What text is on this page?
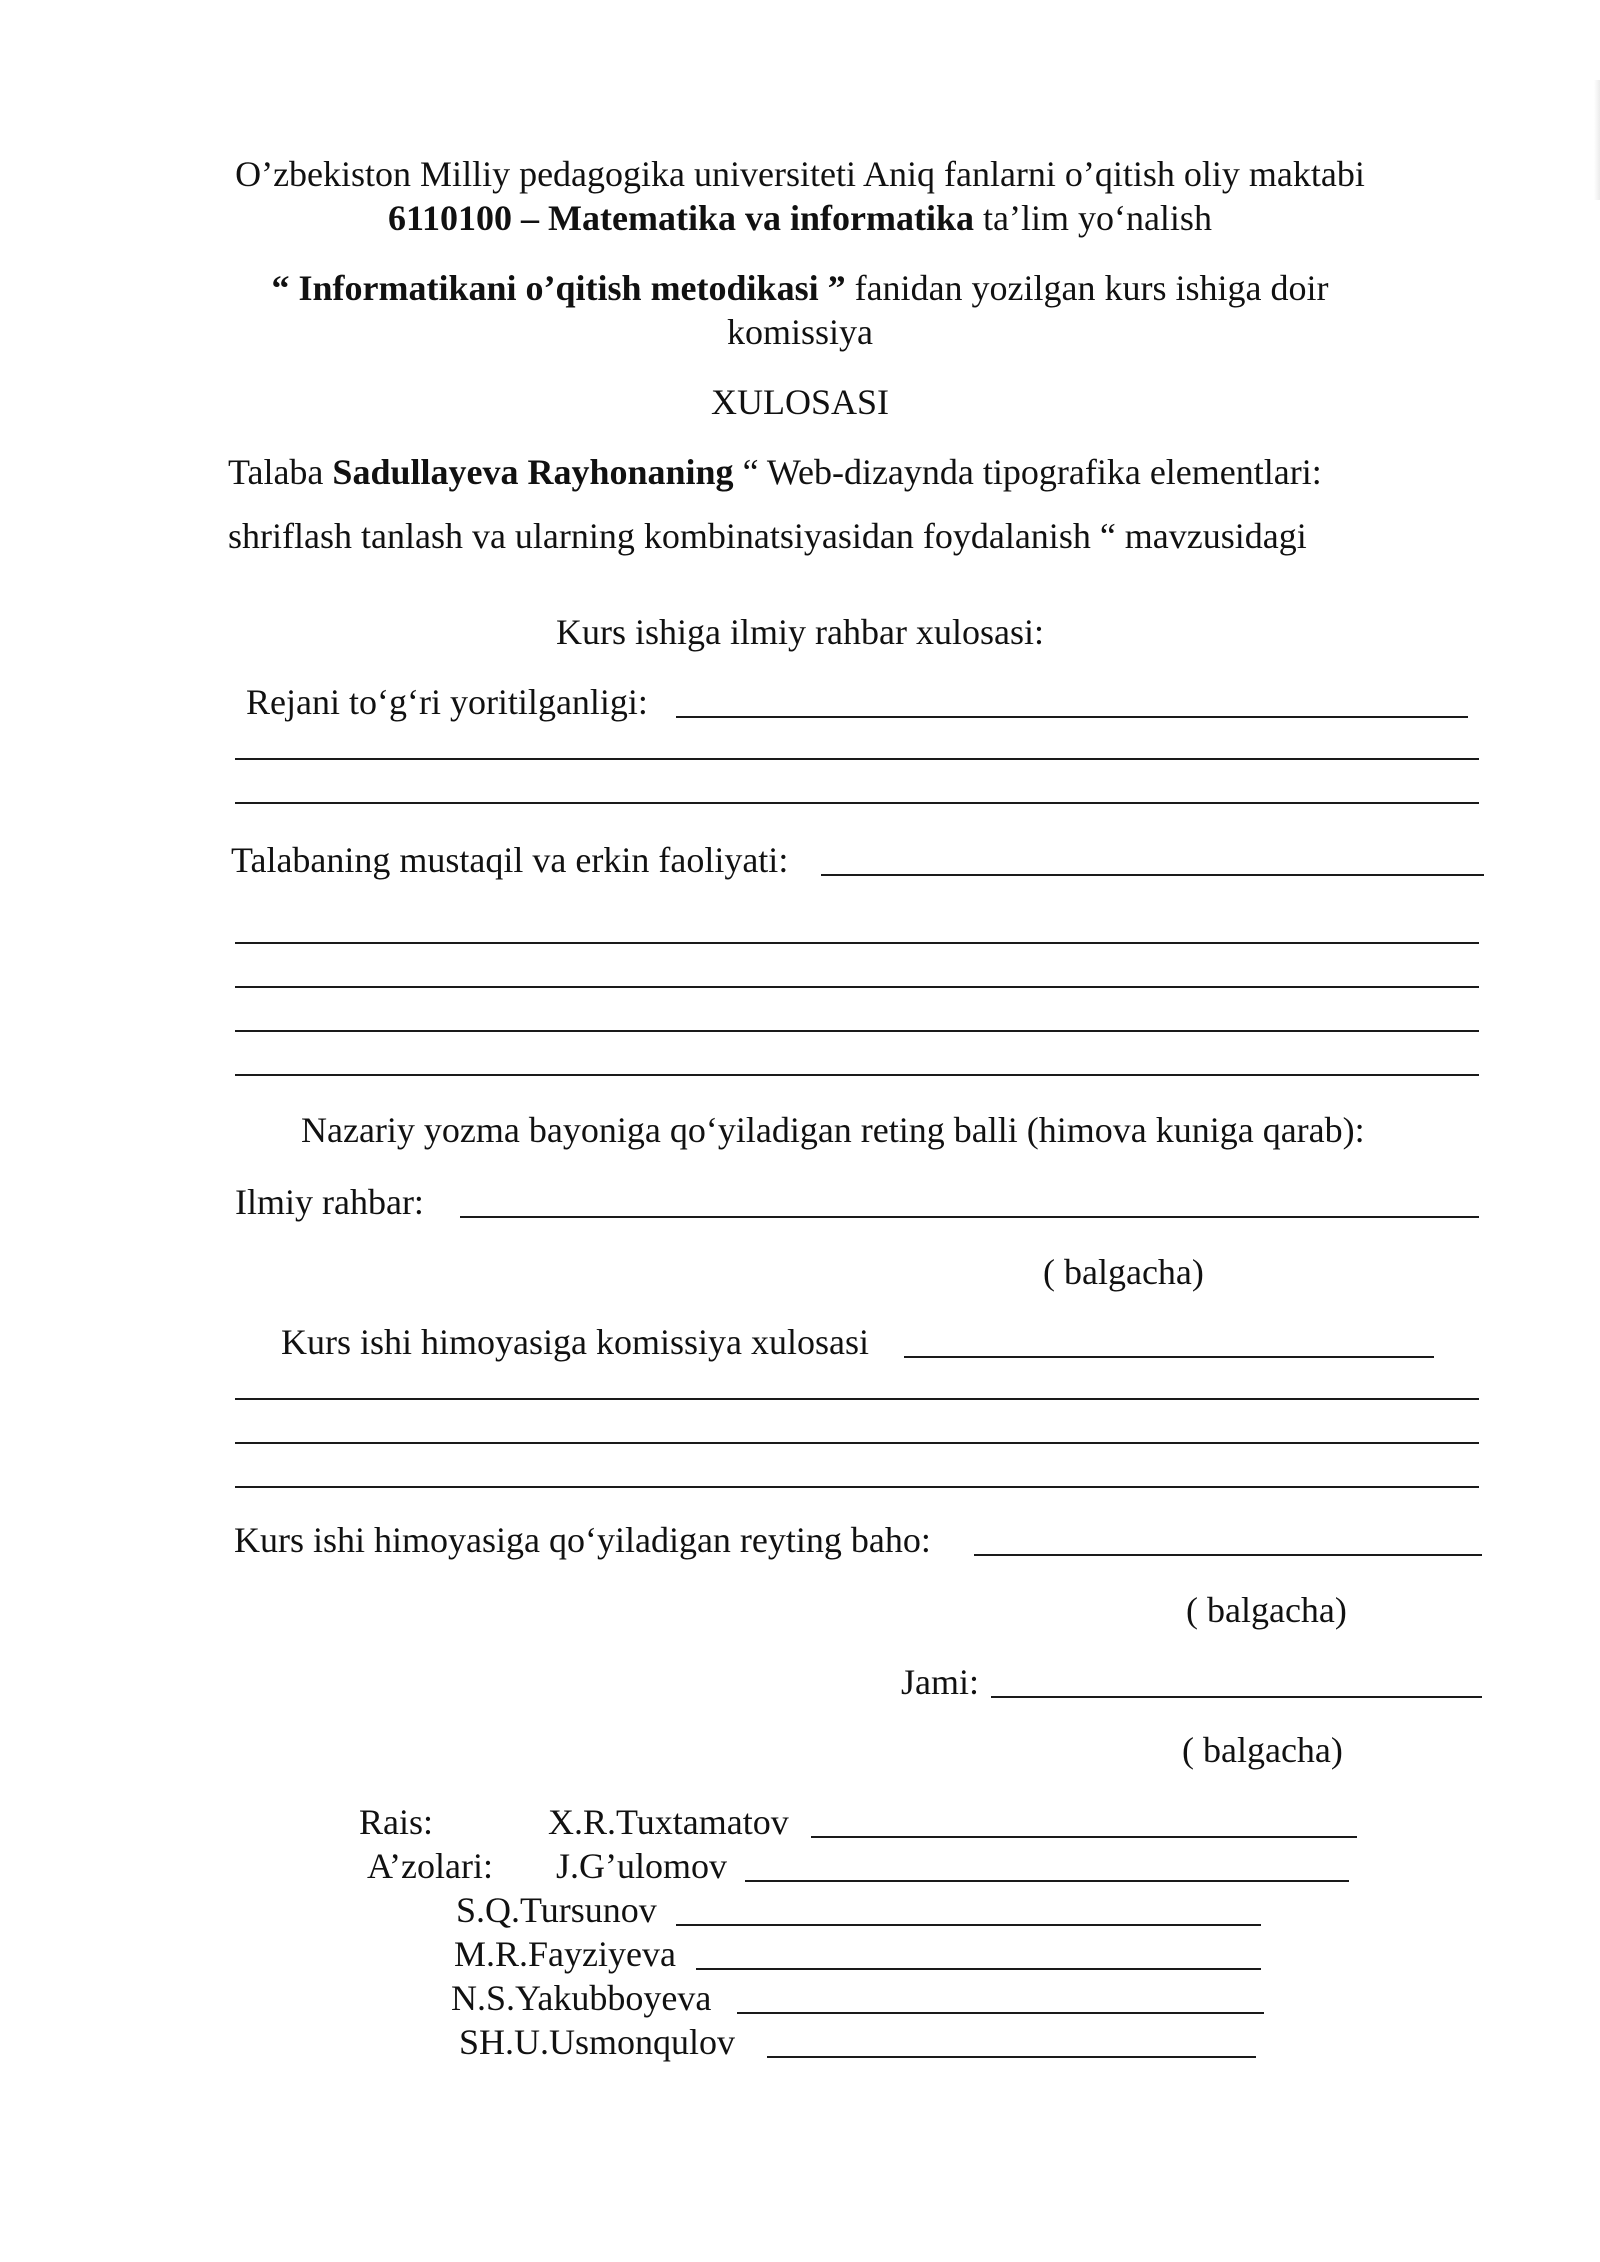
O’zbekiston Milliy pedagogika universiteti Aniq fanlarni o’qitish oliy maktabi
6110100 – Matematika va informatika ta’lim yo‘nalish
“ Informatikani o’qitish metodikasi ” fanidan yozilgan kurs ishiga doir
komissiya
XULOSASI
Talaba Sadullayeva Rayhonaning “ Web-dizaynda tipografika elementlari:
shriflash tanlash va ularning kombinatsiyasidan foydalanish “ mavzusidagi
Kurs ishiga ilmiy rahbar xulosasi:
Rejani to‘g‘ri yoritilganligi:
Talabaning mustaqil va erkin faoliyati:
Nazariy yozma bayoniga qo‘yiladigan reting balli (himova kuniga qarab):
Ilmiy rahbar:
( balgacha)
Kurs ishi himoyasiga komissiya xulosasi
Kurs ishi himoyasiga qo‘yiladigan reyting baho:
( balgacha)
Jami:
( balgacha)
Rais:	X.R.Tuxtamatov
A’zolari: J.G’ulomov
S.Q.Tursunov
M.R.Fayziyeva
N.S.Yakubboyeva
SH.U.Usmonqulov
